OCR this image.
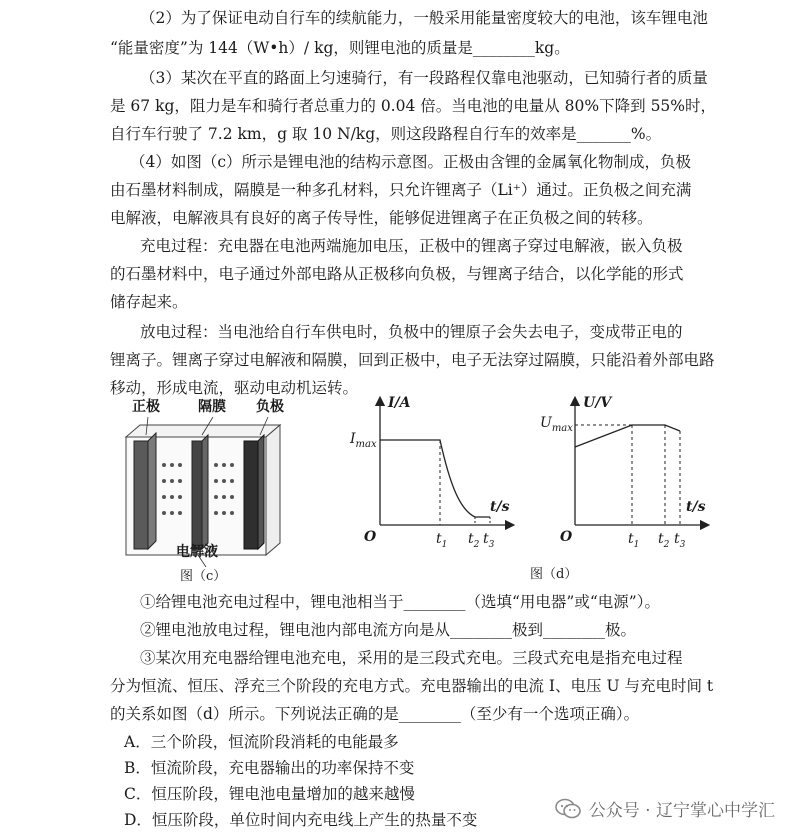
（2）为了保证电动自行车的续航能力，一般采用能量密度较大的电池，该车锂电池
“能量密度”为 144（W•h）/ kg，则锂电池的质量是________kg。
（3）某次在平直的路面上匀速骑行，有一段路程仅靠电池驱动，已知骑行者的质量
是 67 kg，阻力是车和骑行者总重力的 0.04 倍。当电池的电量从 80%下降到 55%时，
自行车行驶了 7.2 km，g 取 10 N/kg，则这段路程自行车的效率是_______%。
（4）如图（c）所示是锂电池的结构示意图。正极由含锂的金属氧化物制成，负极
由石墨材料制成，隔膜是一种多孔材料，只允许锂离子（Li⁺）通过。正负极之间充满
电解液，电解液具有良好的离子传导性，能够促进锂离子在正负极之间的转移。
充电过程：充电器在电池两端施加电压，正极中的锂离子穿过电解液，嵌入负极
的石墨材料中，电子通过外部电路从正极移向负极，与锂离子结合，以化学能的形式
储存起来。
放电过程：当电池给自行车供电时，负极中的锂原子会失去电子，变成带正电的
锂离子。锂离子穿过电解液和隔膜，回到正极中，电子无法穿过隔膜，只能沿着外部电路
移动，形成电流，驱动电动机运转。
正极	隔膜 负极
电解液
图（c）
I/A
$I_{max}$
t/s
O	$t_1$ $t_2$ $t_3$
U/V
$U_{max}$
t/s
O	$t_1$ $t_2$ $t_3$
图（d）
①给锂电池充电过程中，锂电池相当于________（选填“用电器”或“电源”）。
②锂电池放电过程，锂电池内部电流方向是从________极到________极。
③某次用充电器给锂电池充电，采用的是三段式充电。三段式充电是指充电过程
分为恒流、恒压、浮充三个阶段的充电方式。充电器输出的电流 I、电压 U 与充电时间 t
的关系如图（d）所示。下列说法正确的是________（至少有一个选项正确）。
A．三个阶段，恒流阶段消耗的电能最多
B．恒流阶段，充电器输出的功率保持不变
C．恒压阶段，锂电池电量增加的越来越慢
D．恒压阶段，单位时间内充电线上产生的热量不变	公众号 · 辽宁掌心中学汇
